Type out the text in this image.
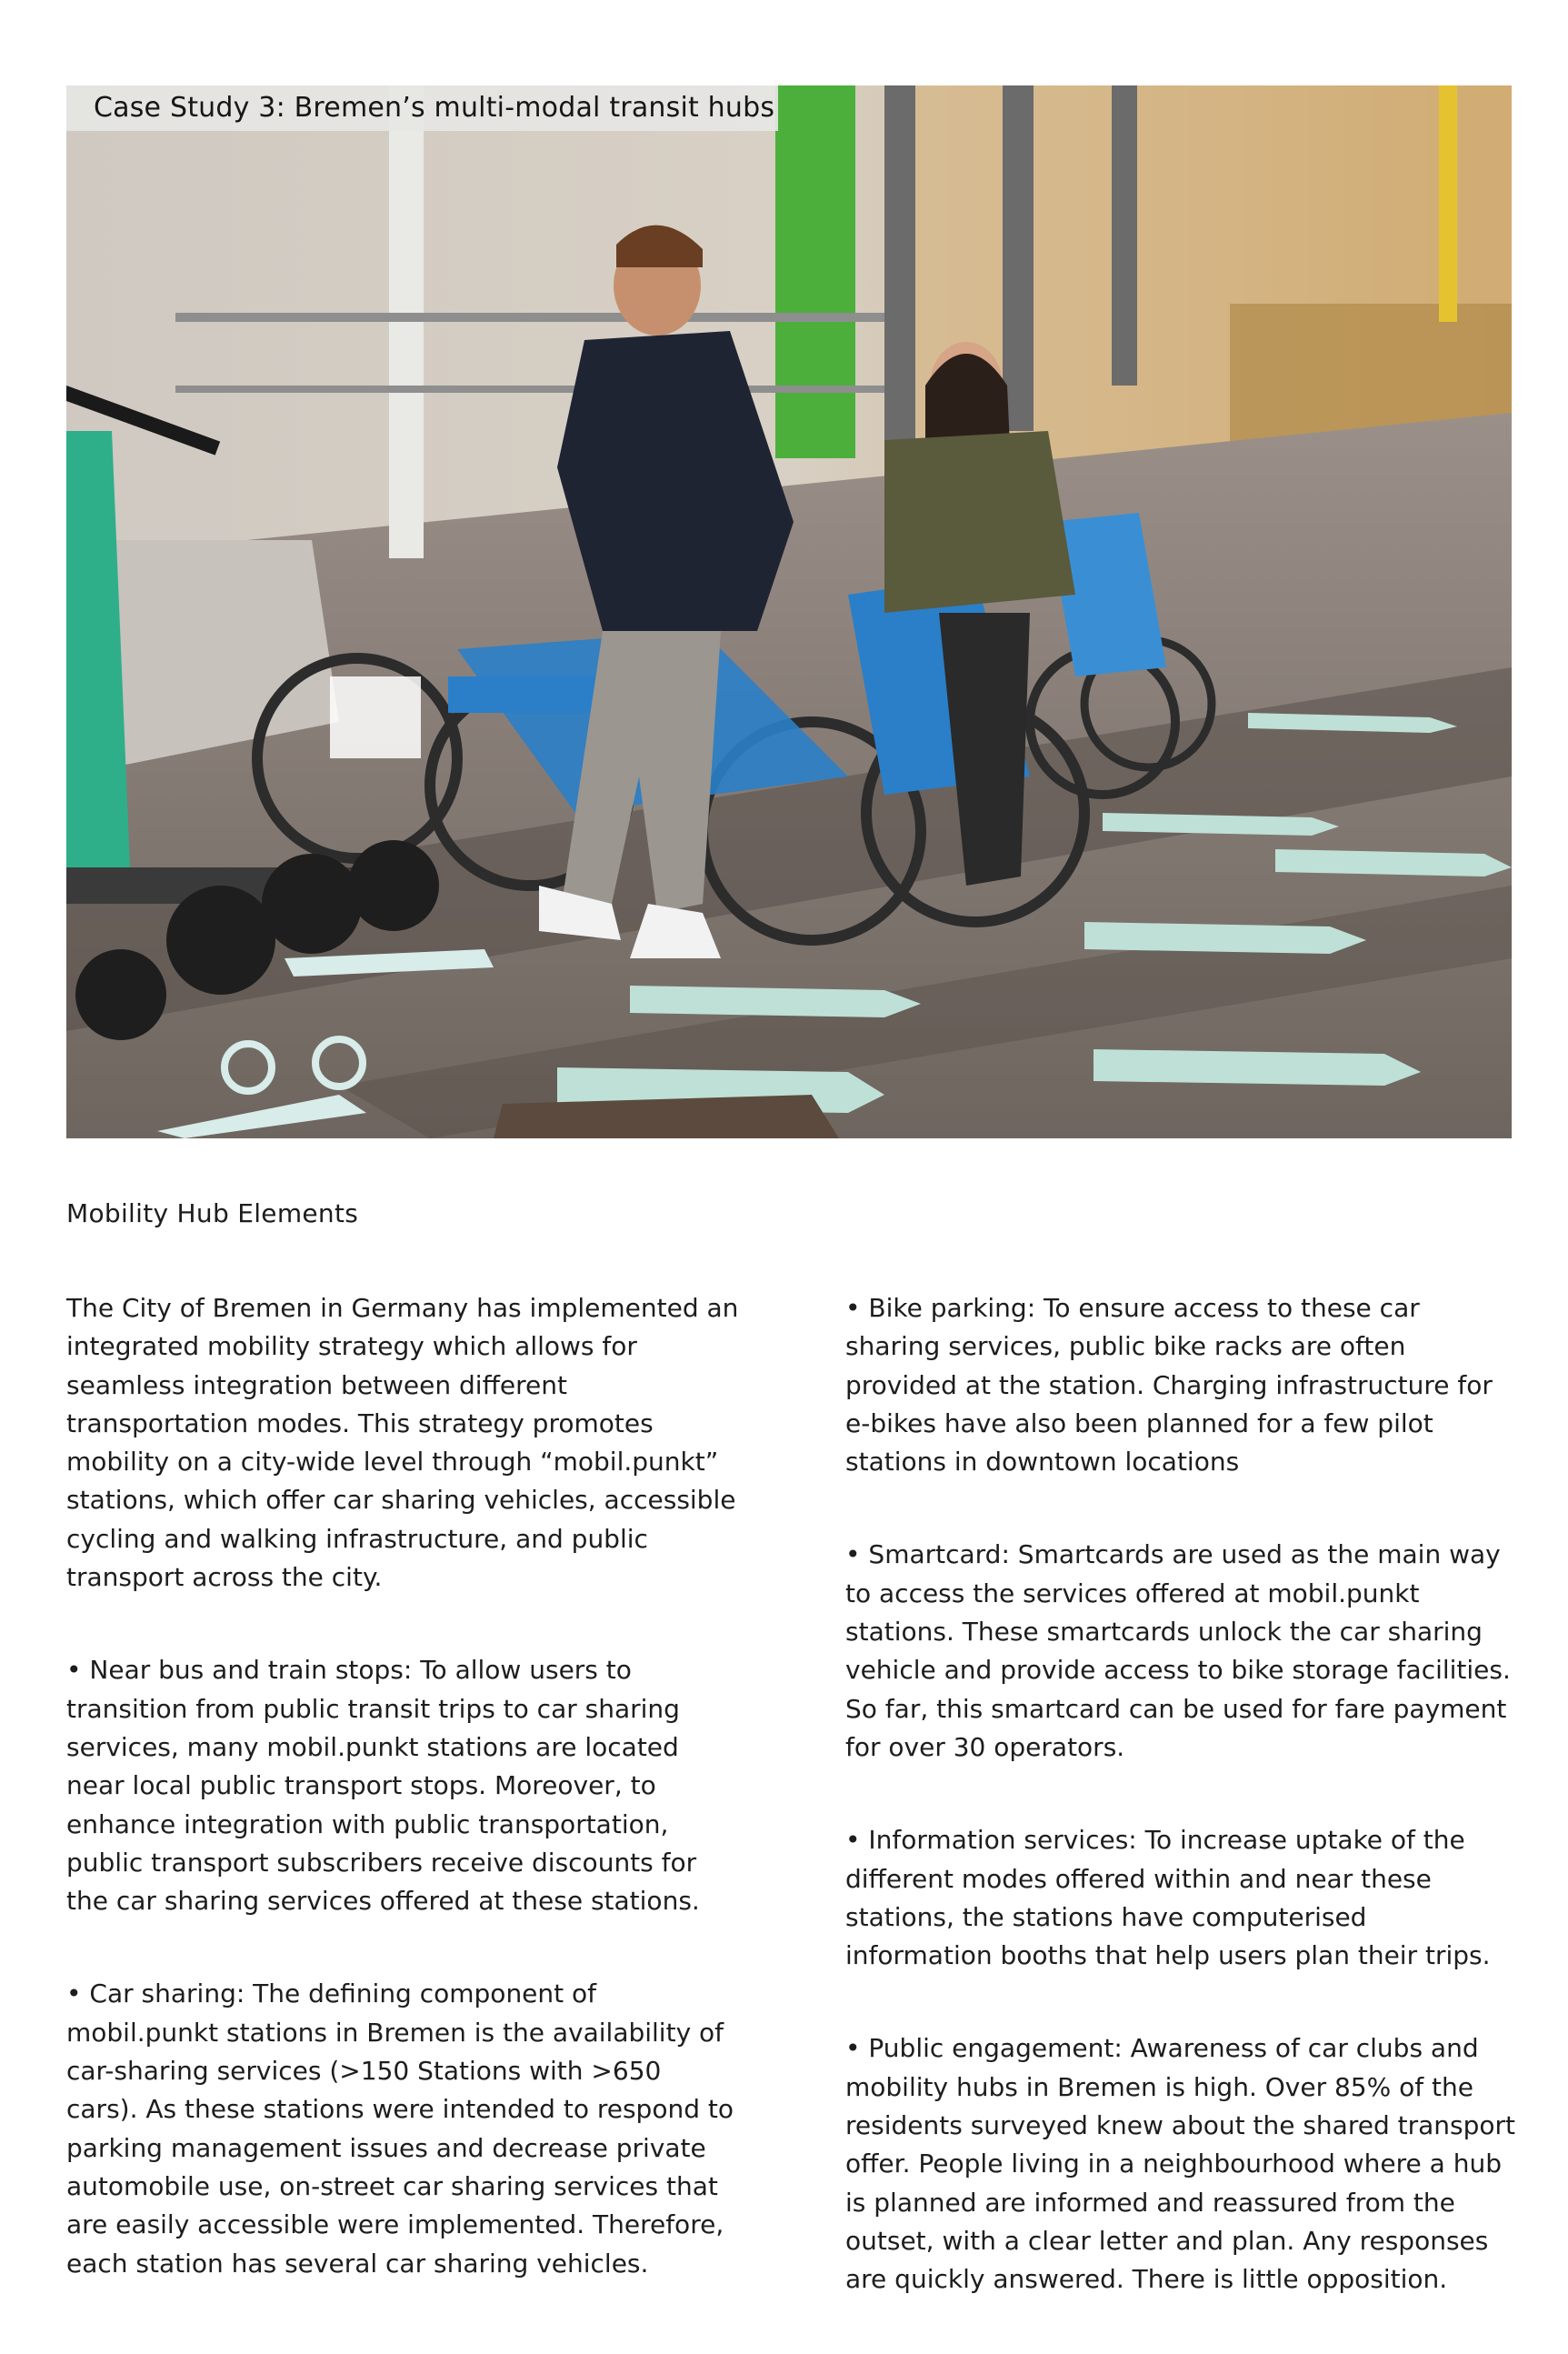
Case Study 3: Bremen’s multi-modal transit hubs
Mobility Hub Elements

The City of Bremen in Germany has implemented an integrated mobility strategy which allows for seamless integration between different transportation modes. This strategy promotes mobility on a city-wide level through “mobil.punkt” stations, which offer car sharing vehicles, accessible cycling and walking infrastructure, and public transport across the city.

• Near bus and train stops: To allow users to transition from public transit trips to car sharing services, many mobil.punkt stations are located near local public transport stops. Moreover, to enhance integration with public transportation, public transport subscribers receive discounts for the car sharing services offered at these stations.

• Car sharing: The defining component of mobil.punkt stations in Bremen is the availability of car-sharing services (>150 Stations with >650 cars). As these stations were intended to respond to parking management issues and decrease private automobile use, on-street car sharing services that are easily accessible were implemented. Therefore, each station has several car sharing vehicles.

• Bike parking: To ensure access to these car sharing services, public bike racks are often provided at the station. Charging infrastructure for e-bikes have also been planned for a few pilot stations in downtown locations

• Smartcard: Smartcards are used as the main way to access the services offered at mobil.punkt stations. These smartcards unlock the car sharing vehicle and provide access to bike storage facilities. So far, this smartcard can be used for fare payment for over 30 operators.

• Information services: To increase uptake of the different modes offered within and near these stations, the stations have computerised information booths that help users plan their trips.

• Public engagement: Awareness of car clubs and mobility hubs in Bremen is high. Over 85% of the residents surveyed knew about the shared transport offer. People living in a neighbourhood where a hub is planned are informed and reassured from the outset, with a clear letter and plan. Any responses are quickly answered. There is little opposition.
